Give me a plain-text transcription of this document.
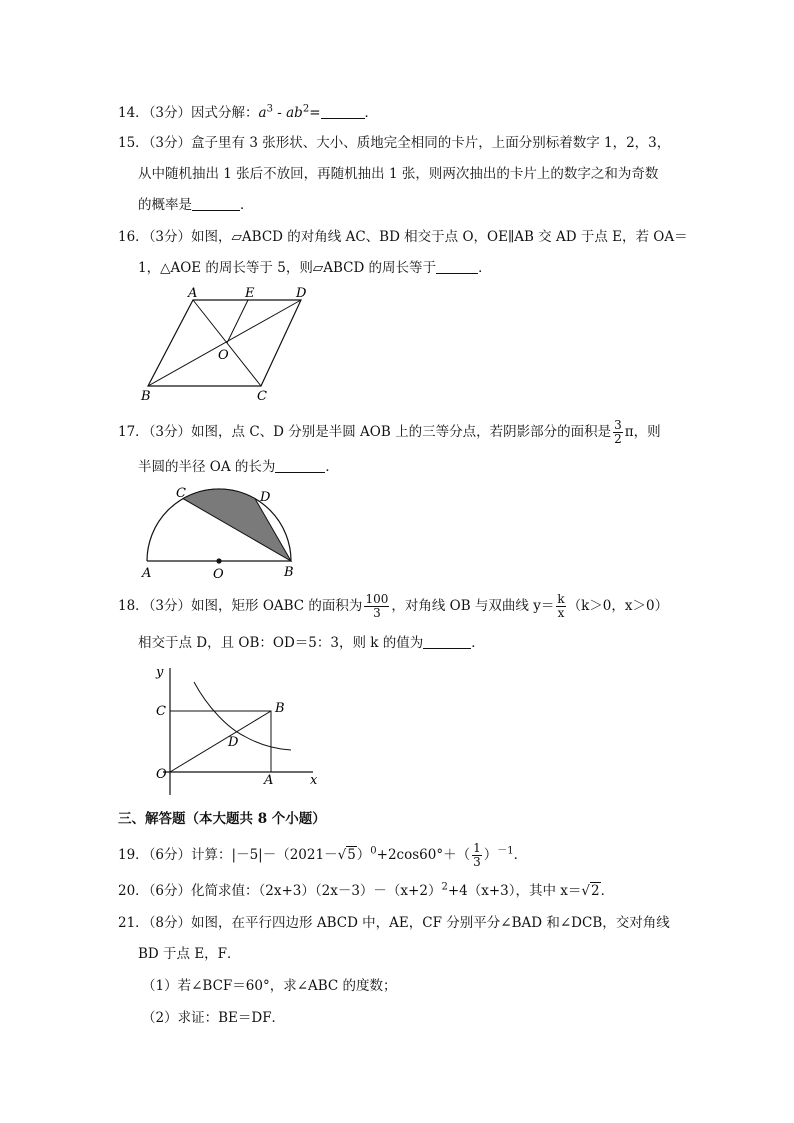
14．（3分）因式分解：$a^3 - ab^2=$	．
15．（3分）盒子里有 3 张形状、大小、质地完全相同的卡片，上面分别标着数字 1，2，3，
从中随机抽出 1 张后不放回，再随机抽出 1 张，则两次抽出的卡片上的数字之和为奇数
的概率是	．
16．（3分）如图，▱ABCD 的对角线 AC、BD 相交于点 O，OE∥AB 交 AD 于点 E，若 OA＝
1，△AOE 的周长等于 5，则▱ABCD 的周长等于	．
A	E	D
O
B	C
17．（3分）如图，点 C、D 分别是半圆 AOB 上的三等分点，若阴影部分的面积是 $\frac{3}{2}$ π，则
半圆的半径 OA 的长为	．
C	D
A	O	B
18．（3分）如图，矩形 OABC 的面积为 $\frac{100}{3}$ ，对角线 OB 与双曲线 $y= \frac{k}{x} (k>0$，x＞0）
相交于点 D，且 OB：OD＝5：3，则 k 的值为	．
y
C	B
D
O	A	x
三、解答题（本大题共 8 个小题）
19．（6分）计算：$|-5|-(2021-√5)^0+2\cos 60^\circ+( \frac{1}{3} )^{-1}$．
20．（6分）化简求值：$(2x+3)(2x-3)-(x+2)^2+4(x+3)$，其中 x＝√2．
21．（8分）如图，在平行四边形 ABCD 中，AE，CF 分别平分∠BAD 和∠DCB，交对角线
BD 于点 E，F．
（1）若∠BCF＝60°，求∠ABC 的度数；
（2）求证：BE＝DF．
